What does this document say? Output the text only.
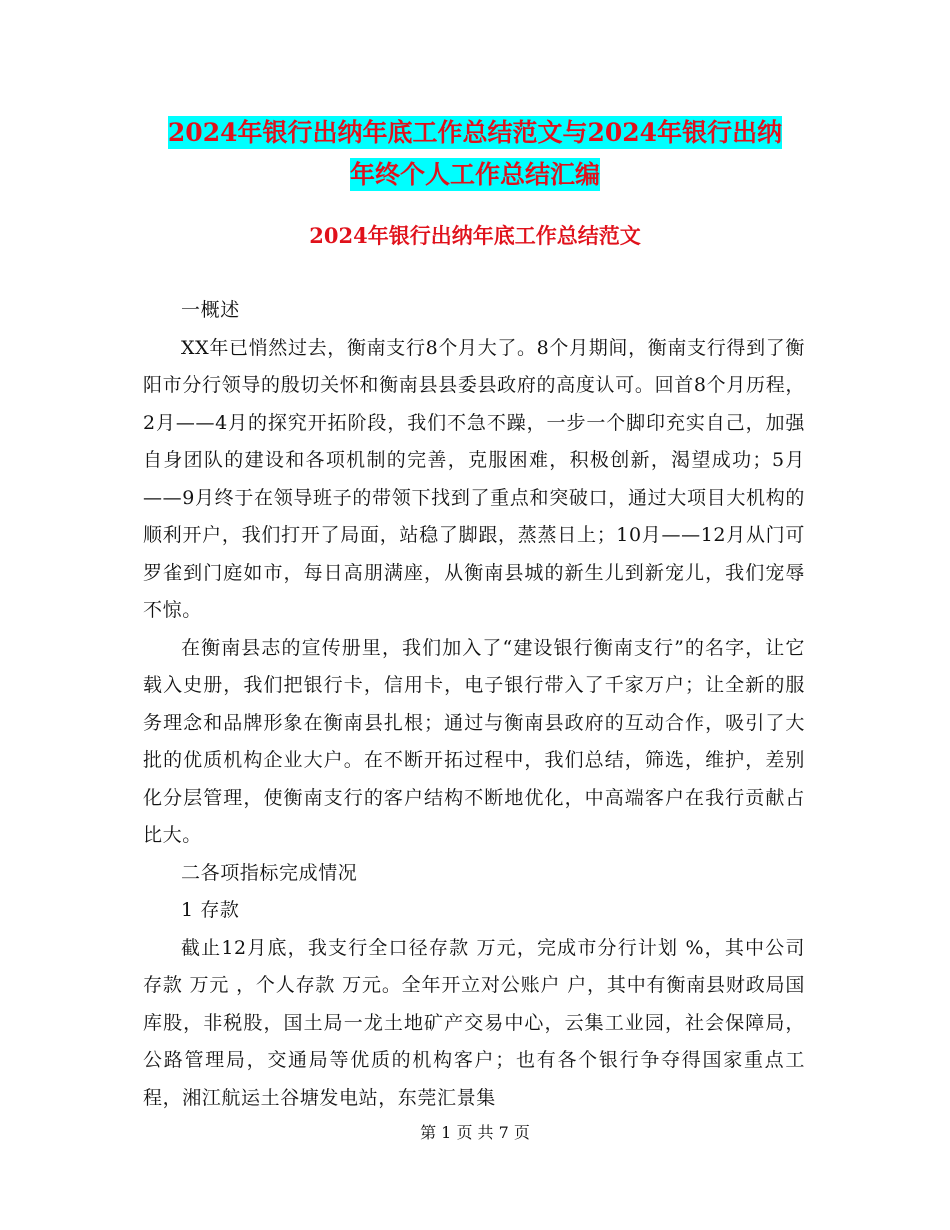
2024年银行出纳年底工作总结范文与2024年银行出纳
年终个人工作总结汇编
2024年银行出纳年底工作总结范文

一概述

XX年已悄然过去，衡南支行8个月大了。8个月期间，衡南支行得到了衡阳市分行领导的殷切关怀和衡南县县委县政府的高度认可。回首8个月历程，2月——4月的探究开拓阶段，我们不急不躁，一步一个脚印充实自己，加强自身团队的建设和各项机制的完善，克服困难，积极创新，渴望成功；5月——9月终于在领导班子的带领下找到了重点和突破口，通过大项目大机构的顺利开户，我们打开了局面，站稳了脚跟，蒸蒸日上；10月——12月从门可罗雀到门庭如市，每日高朋满座，从衡南县城的新生儿到新宠儿，我们宠辱不惊。

在衡南县志的宣传册里，我们加入了“建设银行衡南支行”的名字，让它载入史册，我们把银行卡，信用卡，电子银行带入了千家万户；让全新的服务理念和品牌形象在衡南县扎根；通过与衡南县政府的互动合作，吸引了大批的优质机构企业大户。在不断开拓过程中，我们总结，筛选，维护，差别化分层管理，使衡南支行的客户结构不断地优化，中高端客户在我行贡献占比大。

二各项指标完成情况

1 存款

截止12月底，我支行全口径存款 万元，完成市分行计划 %，其中公司存款 万元 ，个人存款 万元。全年开立对公账户 户，其中有衡南县财政局国库股，非税股，国土局一龙土地矿产交易中心，云集工业园，社会保障局，公路管理局，交通局等优质的机构客户；也有各个银行争夺得国家重点工程，湘江航运土谷塘发电站，东莞汇景集

第 1 页 共 7 页
